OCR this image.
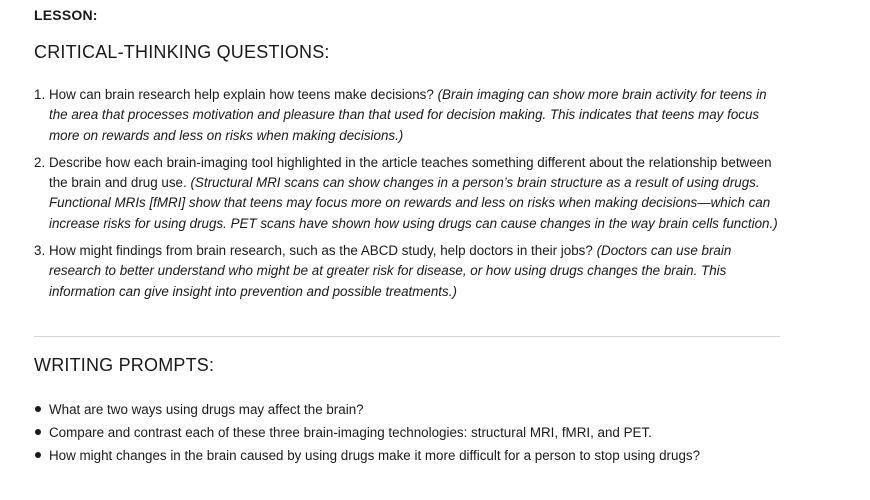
LESSON:
CRITICAL-THINKING QUESTIONS:
1. How can brain research help explain how teens make decisions? (Brain imaging can show more brain activity for teens in the area that processes motivation and pleasure than that used for decision making. This indicates that teens may focus more on rewards and less on risks when making decisions.)
2. Describe how each brain-imaging tool highlighted in the article teaches something different about the relationship between the brain and drug use. (Structural MRI scans can show changes in a person’s brain structure as a result of using drugs. Functional MRIs [fMRI] show that teens may focus more on rewards and less on risks when making decisions—which can increase risks for using drugs. PET scans have shown how using drugs can cause changes in the way brain cells function.)
3. How might findings from brain research, such as the ABCD study, help doctors in their jobs? (Doctors can use brain research to better understand who might be at greater risk for disease, or how using drugs changes the brain. This information can give insight into prevention and possible treatments.)
WRITING PROMPTS:
What are two ways using drugs may affect the brain?
Compare and contrast each of these three brain-imaging technologies: structural MRI, fMRI, and PET.
How might changes in the brain caused by using drugs make it more difficult for a person to stop using drugs?
